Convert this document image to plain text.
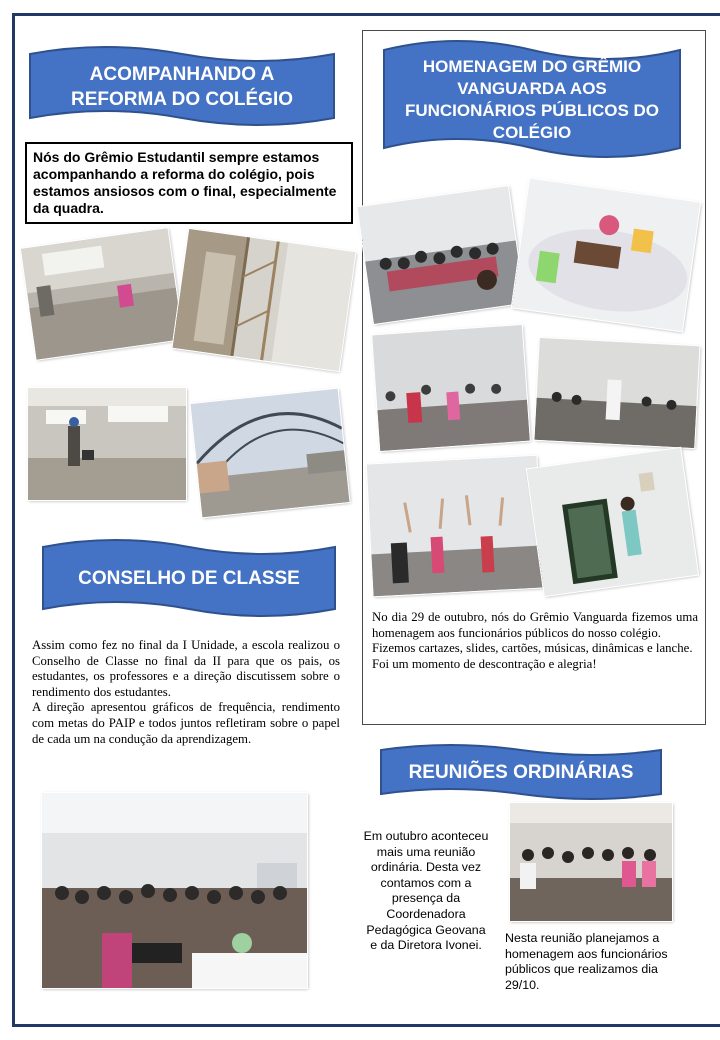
ACOMPANHANDO A REFORMA DO COLÉGIO
Nós do Grêmio Estudantil sempre estamos acompanhando a reforma do colégio, pois estamos ansiosos com o final, especialmente da quadra.
CONSELHO DE CLASSE

Assim como fez no final da I Unidade, a escola realizou o Conselho de Classe no final da II para que os pais, os estudantes, os professores e a direção discutissem sobre o rendimento dos estudantes.

A direção apresentou gráficos de frequência, rendimento com metas do PAIP e todos juntos refletiram sobre o papel de cada um na condução da aprendizagem.

HOMENAGEM DO GRÊMIO VANGUARDA AOS FUNCIONÁRIOS PÚBLICOS DO COLÉGIO

No dia 29 de outubro, nós do Grêmio Vanguarda fizemos uma homenagem aos funcionários públicos do nosso colégio.

Fizemos cartazes, slides, cartões, músicas, dinâmicas e lanche.

Foi um momento de descontração e alegria!

REUNIÕES ORDINÁRIAS
Em outubro aconteceu mais uma reunião ordinária. Desta vez contamos com a presença da Coordenadora Pedagógica Geovana e da Diretora Ivonei.
Nesta reunião planejamos a homenagem aos funcionários públicos que realizamos dia 29/10.
